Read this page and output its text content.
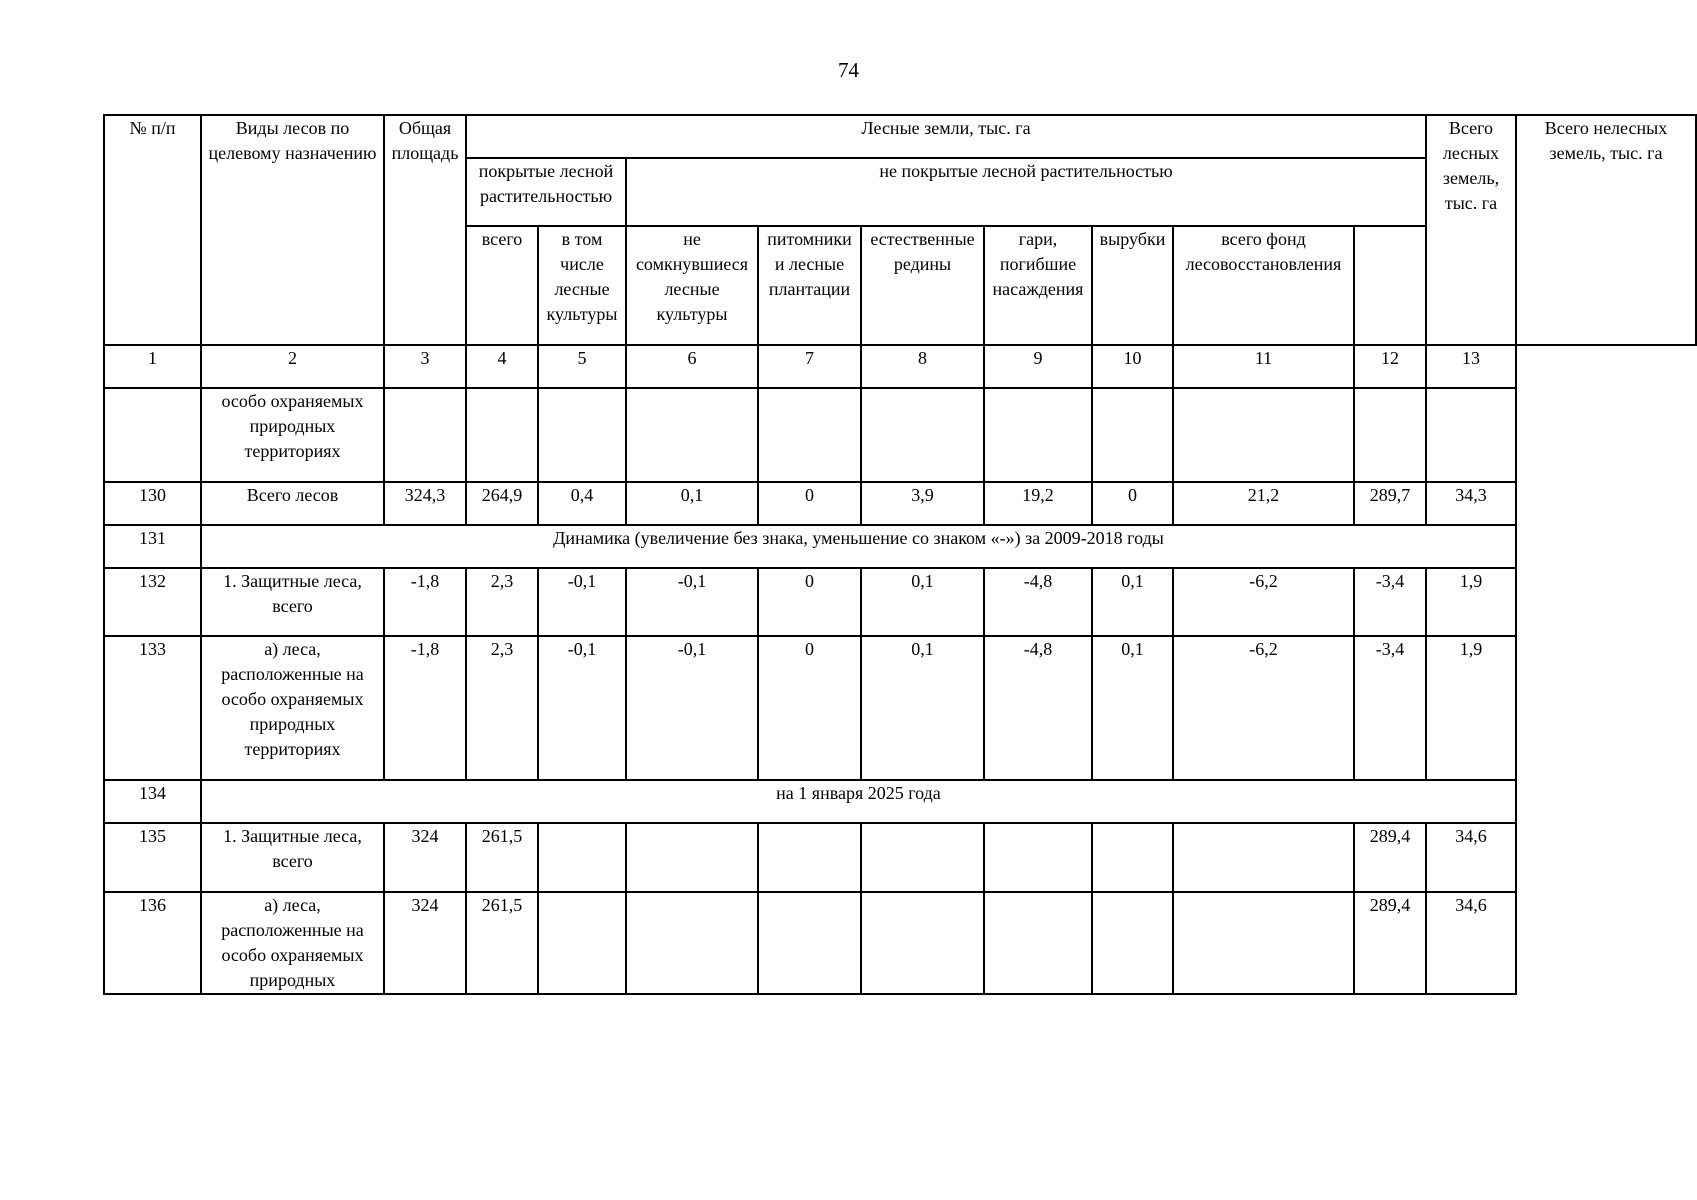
74
№ п/п	Виды лесов по целевому назначению	Общая площадь	Лесные земли, тыс. га									Всего лесных земель, тыс. га	Всего нелесных земель, тыс. га
			покрытые лесной растительностью		не покрытые лесной растительностью								
			всего	в том числе лесные культуры	не сомкнувшиеся лесные культуры	питомники и лесные плантации	естественные редины	гари, погибшие насаждения	вырубки	всего фонд лесовосстановления			
1	2	3	4	5	6	7	8	9	10	11	12	13	
	особо охраняемых природных территориях												
130	Всего лесов	324,3	264,9	0,4	0,1	0	3,9	19,2	0	21,2	289,7	34,3	
131	Динамика (увеличение без знака, уменьшение со знаком «-») за 2009-2018 годы												
132	1. Защитные леса, всего	-1,8	2,3	-0,1	-0,1	0	0,1	-4,8	0,1	-6,2	-3,4	1,9	
133	а) леса, расположенные на особо охраняемых природных территориях	-1,8	2,3	-0,1	-0,1	0	0,1	-4,8	0,1	-6,2	-3,4	1,9	
134	на 1 января 2025 года												
135	1. Защитные леса, всего	324	261,5								289,4	34,6	
136	а) леса, расположенные на особо охраняемых природных	324	261,5								289,4	34,6	
